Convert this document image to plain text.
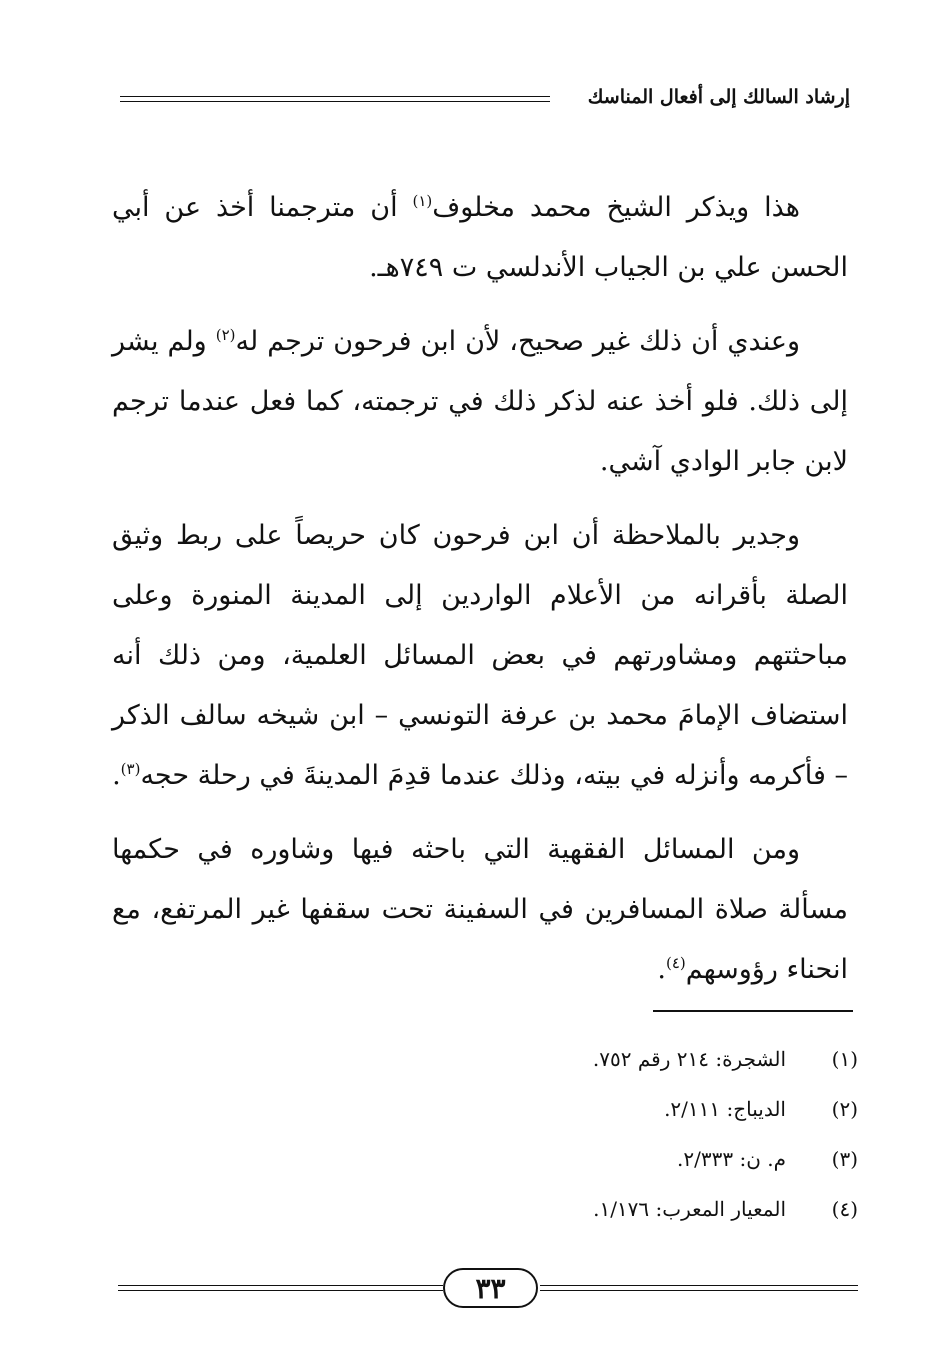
إرشاد السالك إلى أفعال المناسك

هذا ويذكر الشيخ محمد مخلوف$^{(١)}$ أن مترجمنا أخذ عن أبي الحسن علي بن الجياب الأندلسي ت ٧٤٩هـ.

وعندي أن ذلك غير صحيح، لأن ابن فرحون ترجم له$^{(٢)}$ ولم يشر إلى ذلك. فلو أخذ عنه لذكر ذلك في ترجمته، كما فعل عندما ترجم لابن جابر الوادي آشي.

وجدير بالملاحظة أن ابن فرحون كان حريصاً على ربط وثيق الصلة بأقرانه من الأعلام الواردين إلى المدينة المنورة وعلى مباحثتهم ومشاورتهم في بعض المسائل العلمية، ومن ذلك أنه استضاف الإمامَ محمد بن عرفة التونسي – ابن شيخه سالف الذكر – فأكرمه وأنزله في بيته، وذلك عندما قدِمَ المدينةَ في رحلة حجه$^{(٣)}$.

ومن المسائل الفقهية التي باحثه فيها وشاوره في حكمها مسألة صلاة المسافرين في السفينة تحت سقفها غير المرتفع، مع انحناء رؤوسهم$^{(٤)}$.

(١)
الشجرة: ٢١٤ رقم ٧٥٢.
(٢)
الديباج: ٢/١١١.
(٣)
م. ن: ٢/٣٣٣.
(٤)
المعيار المعرب: ١/١٧٦.
٣٣
